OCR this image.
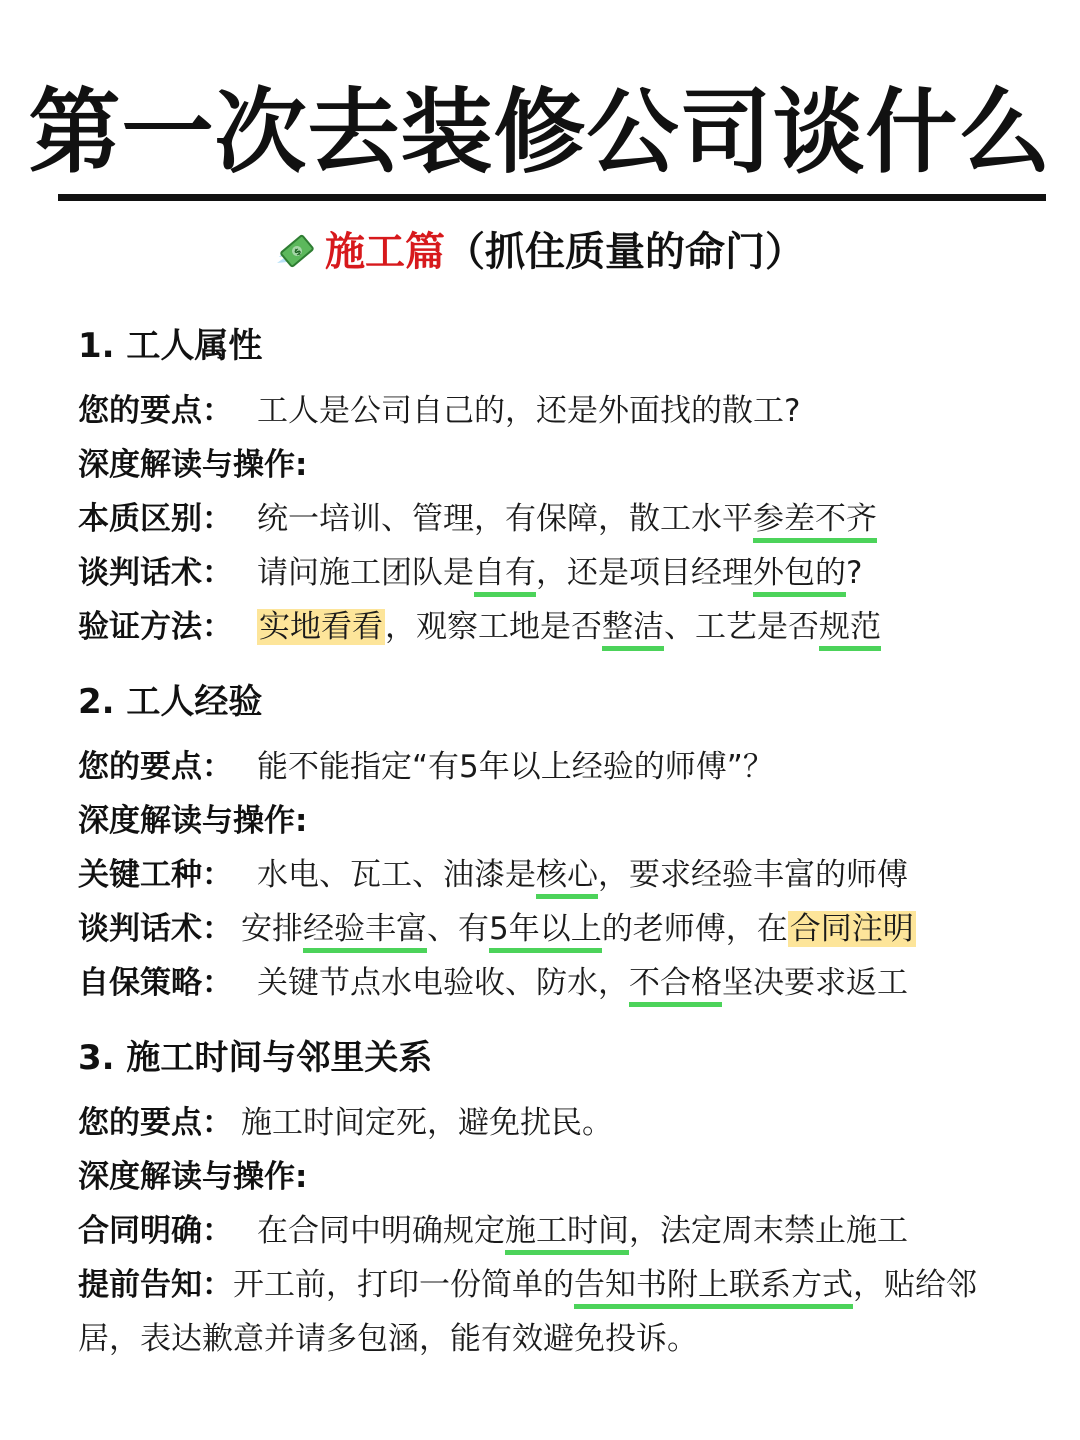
第一次去装修公司谈什么
$ 施工篇（抓住质量的命门）
1. 工人属性
您的要点： 工人是公司自己的，还是外面找的散工?
深度解读与操作:
本质区别： 统一培训、管理，有保障，散工水平参差不齐
谈判话术： 请问施工团队是自有，还是项目经理外包的?
验证方法： 实地看看，观察工地是否整洁、工艺是否规范
2. 工人经验
您的要点： 能不能指定“有5年以上经验的师傅”？
深度解读与操作:
关键工种： 水电、瓦工、油漆是核心，要求经验丰富的师傅
谈判话术： 安排经验丰富、有5年以上的老师傅，在合同注明
自保策略： 关键节点水电验收、防水，不合格坚决要求返工
3. 施工时间与邻里关系
您的要点： 施工时间定死，避免扰民。
深度解读与操作:
合同明确： 在合同中明确规定施工时间，法定周末禁止施工
提前告知：开工前，打印一份简单的告知书附上联系方式，贴给邻居，表达歉意并请多包涵，能有效避免投诉。
